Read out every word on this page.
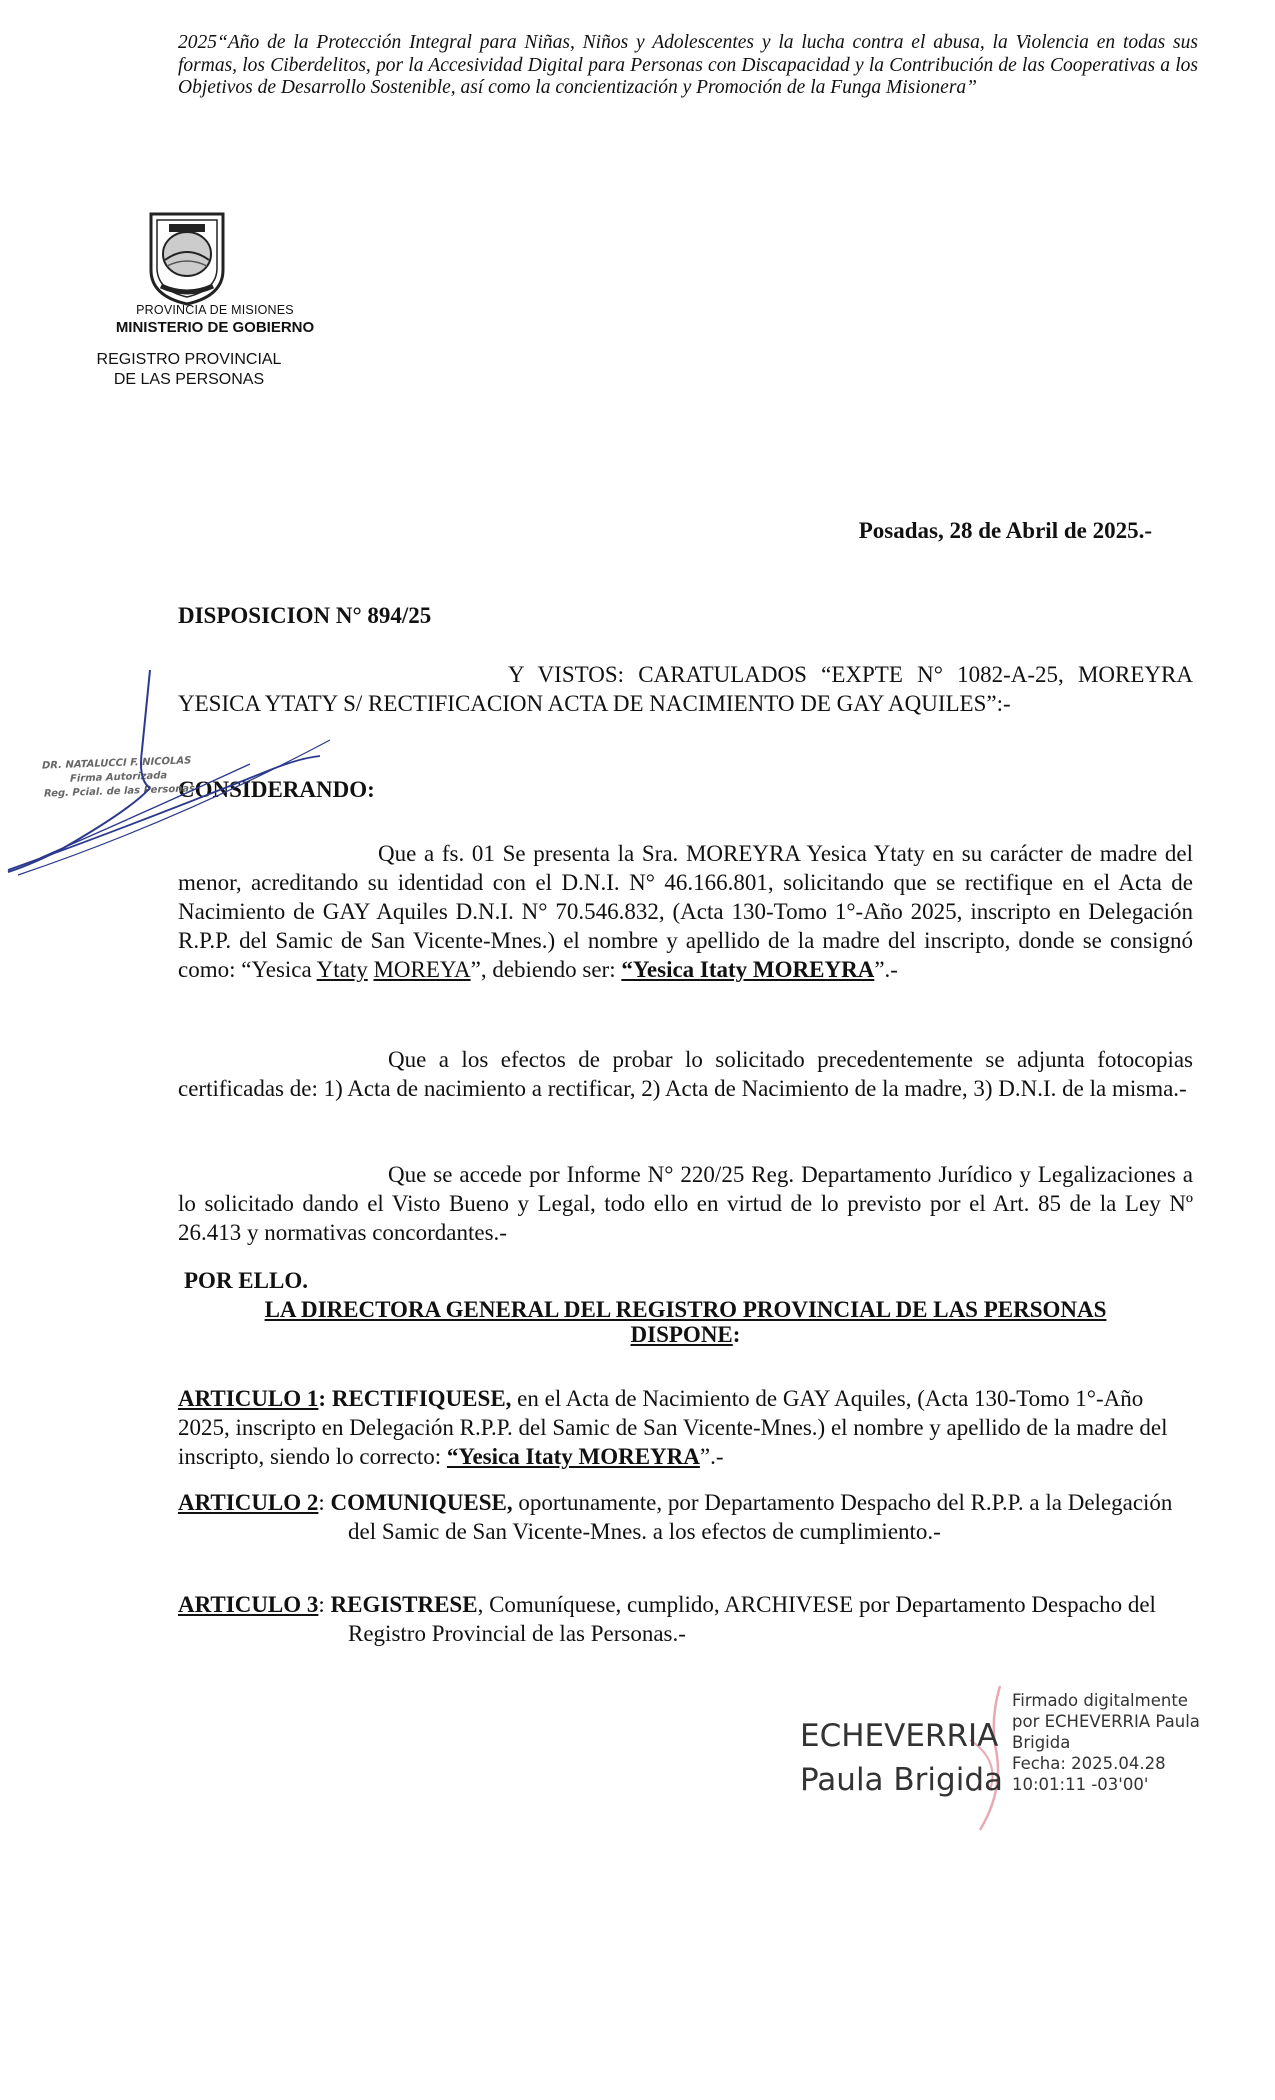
2025“Año de la Protección Integral para Niñas, Niños y Adolescentes y la lucha contra el abusa, la Violencia en todas sus formas, los Ciberdelitos, por la Accesividad Digital para Personas con Discapacidad y la Contribución de las Cooperativas a los Objetivos de Desarrollo Sostenible, así como la concientización y Promoción de la Funga Misionera”
PROVINCIA DE MISIONES
MINISTERIO DE GOBIERNO
REGISTRO PROVINCIAL
DE LAS PERSONAS
Posadas, 28 de Abril de 2025.-
DISPOSICION N° 894/25

Y VISTOS: CARATULADOS “EXPTE N° 1082-A-25, MOREYRA YESICA YTATY S/ RECTIFICACION ACTA DE NACIMIENTO DE GAY AQUILES”:-

CONSIDERANDO:

Que a fs. 01 Se presenta la Sra. MOREYRA Yesica Ytaty en su carácter de madre del menor, acreditando su identidad con el D.N.I. N° 46.166.801, solicitando que se rectifique en el Acta de Nacimiento de GAY Aquiles D.N.I. N° 70.546.832, (Acta 130-Tomo 1°-Año 2025, inscripto en Delegación R.P.P. del Samic de San Vicente-Mnes.) el nombre y apellido de la madre del inscripto, donde se consignó como: “Yesica Ytaty MOREYA”, debiendo ser: “Yesica Itaty MOREYRA”.-

Que a los efectos de probar lo solicitado precedentemente se adjunta fotocopias certificadas de: 1) Acta de nacimiento a rectificar, 2) Acta de Nacimiento de la madre, 3) D.N.I. de la misma.-

Que se accede por Informe N° 220/25 Reg. Departamento Jurídico y Legalizaciones a lo solicitado dando el Visto Bueno y Legal, todo ello en virtud de lo previsto por el Art. 85 de la Ley Nº 26.413 y normativas concordantes.-

POR ELLO.
LA DIRECTORA GENERAL DEL REGISTRO PROVINCIAL DE LAS PERSONAS
DISPONE:
ARTICULO 1: RECTIFIQUESE, en el Acta de Nacimiento de GAY Aquiles, (Acta 130-Tomo 1°-Año 2025, inscripto en Delegación R.P.P. del Samic de San Vicente-Mnes.) el nombre y apellido de la madre del inscripto, siendo lo correcto: “Yesica Itaty MOREYRA”.-
ARTICULO 2: COMUNIQUESE, oportunamente, por Departamento Despacho del R.P.P. a la Delegación del Samic de San Vicente-Mnes. a los efectos de cumplimiento.-
ARTICULO 3: REGISTRESE, Comuníquese, cumplido, ARCHIVESE por Departamento Despacho del Registro Provincial de las Personas.-
DR. NATALUCCI F. NICOLAS
Firma Autorizada
Reg. Pcial. de las Personas
ECHEVERRIA
Paula Brigida
Firmado digitalmente
por ECHEVERRIA Paula
Brigida
Fecha: 2025.04.28
10:01:11 -03'00'
